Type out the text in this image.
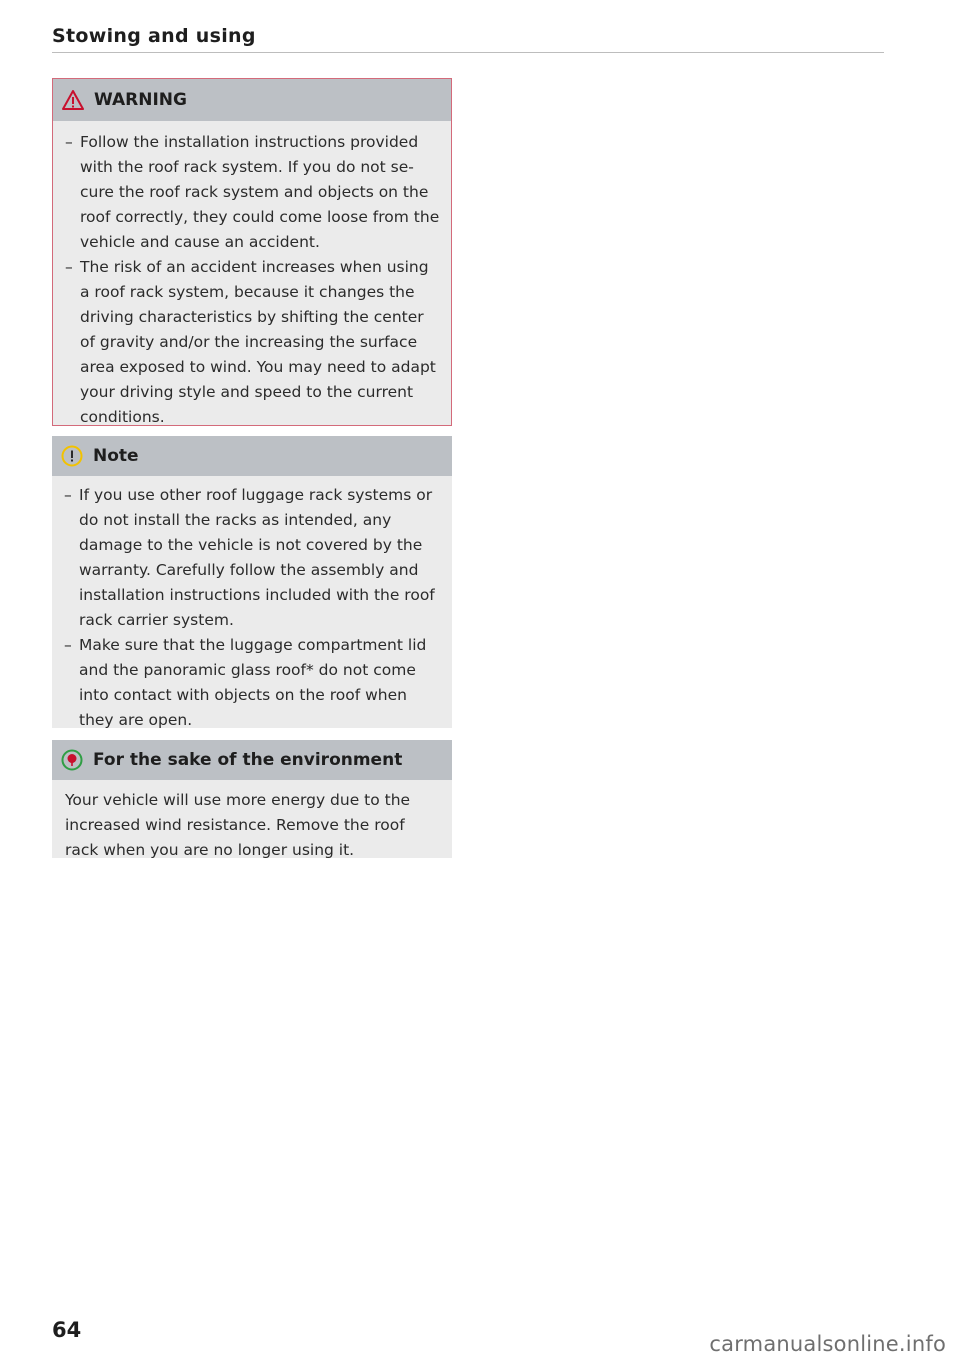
Stowing and using
WARNING
– Follow the installation instructions provided with the roof rack system. If you do not se-cure the roof rack system and objects on the roof correctly, they could come loose from the vehicle and cause an accident.
– The risk of an accident increases when using a roof rack system, because it changes the driving characteristics by shifting the center of gravity and/or the increasing the surface area exposed to wind. You may need to adapt your driving style and speed to the current conditions.
Note
– If you use other roof luggage rack systems or do not install the racks as intended, any damage to the vehicle is not covered by the warranty. Carefully follow the assembly and installation instructions included with the roof rack carrier system.
– Make sure that the luggage compartment lid and the panoramic glass roof* do not come into contact with objects on the roof when they are open.
For the sake of the environment

Your vehicle will use more energy due to the increased wind resistance. Remove the roof rack when you are no longer using it.

64
carmanualsonline.info
